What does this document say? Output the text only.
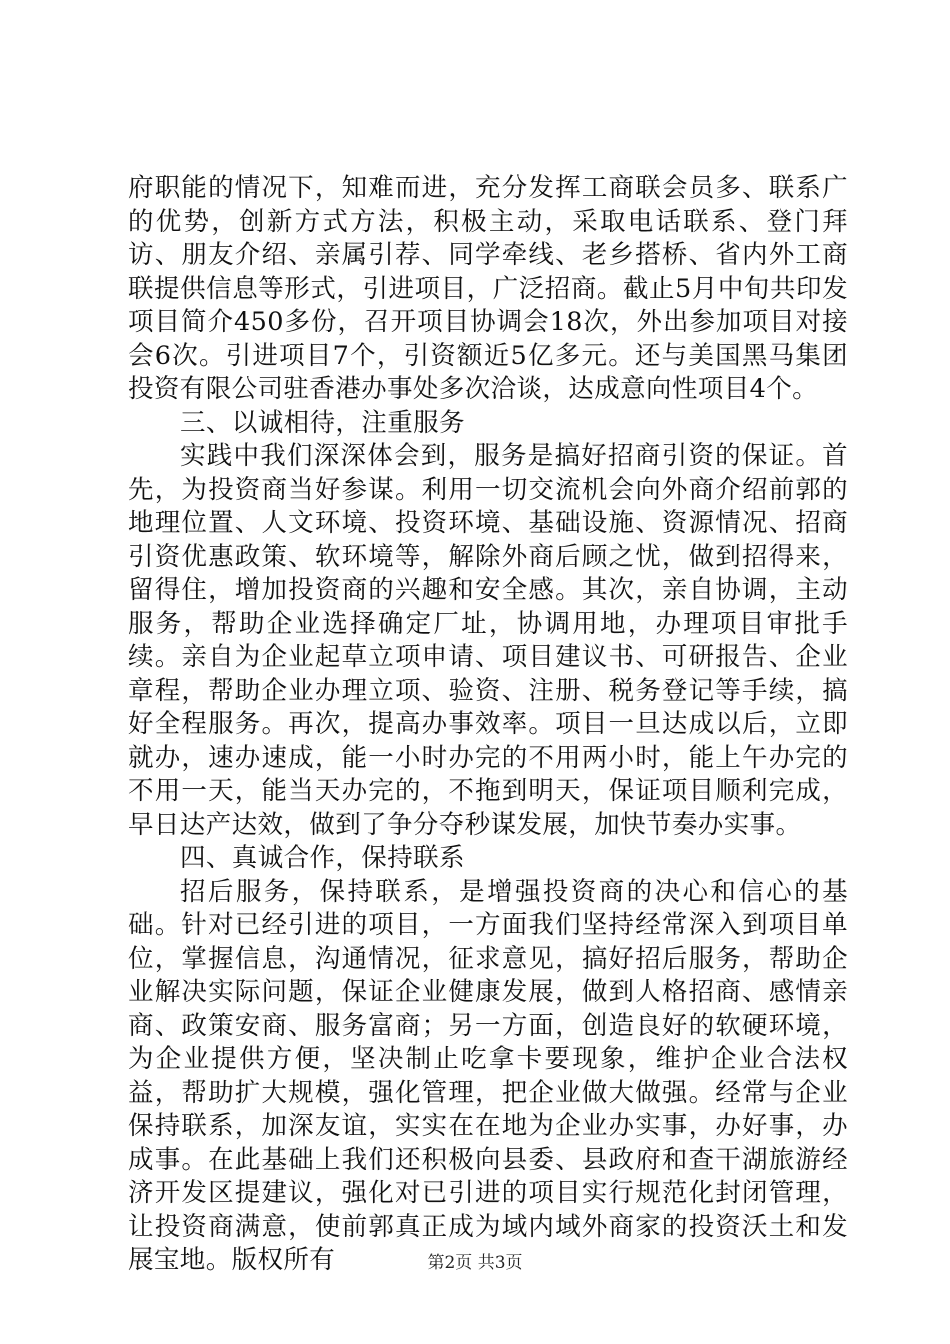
府职能的情况下，知难而进，充分发挥工商联会员多、联系广的优势，创新方式方法，积极主动，采取电话联系、登门拜访、朋友介绍、亲属引荐、同学牵线、老乡搭桥、省内外工商联提供信息等形式，引进项目，广泛招商。截止5月中旬共印发项目简介450多份，召开项目协调会18次，外出参加项目对接会6次。引进项目7个，引资额近5亿多元。还与美国黑马集团投资有限公司驻香港办事处多次洽谈，达成意向性项目4个。

三、以诚相待，注重服务

实践中我们深深体会到，服务是搞好招商引资的保证。首先，为投资商当好参谋。利用一切交流机会向外商介绍前郭的地理位置、人文环境、投资环境、基础设施、资源情况、招商引资优惠政策、软环境等，解除外商后顾之忧，做到招得来，留得住，增加投资商的兴趣和安全感。其次，亲自协调，主动服务，帮助企业选择确定厂址，协调用地，办理项目审批手续。亲自为企业起草立项申请、项目建议书、可研报告、企业章程，帮助企业办理立项、验资、注册、税务登记等手续，搞好全程服务。再次，提高办事效率。项目一旦达成以后，立即就办，速办速成，能一小时办完的不用两小时，能上午办完的不用一天，能当天办完的，不拖到明天，保证项目顺利完成，早日达产达效，做到了争分夺秒谋发展，加快节奏办实事。

四、真诚合作，保持联系

招后服务，保持联系，是增强投资商的决心和信心的基础。针对已经引进的项目，一方面我们坚持经常深入到项目单位，掌握信息，沟通情况，征求意见，搞好招后服务，帮助企业解决实际问题，保证企业健康发展，做到人格招商、感情亲商、政策安商、服务富商；另一方面，创造良好的软硬环境，为企业提供方便，坚决制止吃拿卡要现象，维护企业合法权益，帮助扩大规模，强化管理，把企业做大做强。经常与企业保持联系，加深友谊，实实在在地为企业办实事，办好事，办成事。在此基础上我们还积极向县委、县政府和查干湖旅游经济开发区提建议，强化对已引进的项目实行规范化封闭管理，让投资商满意，使前郭真正成为域内域外商家的投资沃土和发展宝地。版权所有	第2页 共3页
